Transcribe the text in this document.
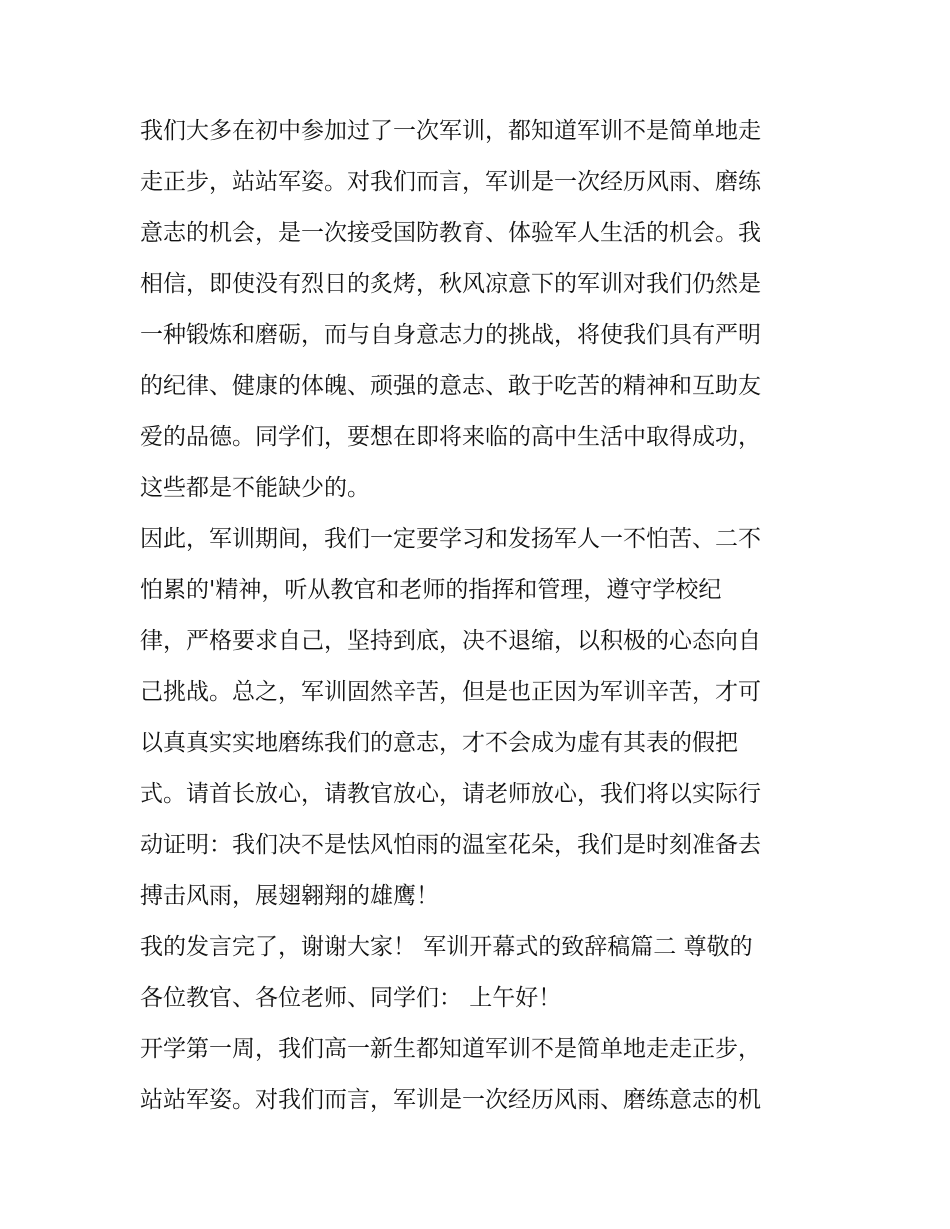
我们大多在初中参加过了一次军训，都知道军训不是简单地走
走正步，站站军姿。对我们而言，军训是一次经历风雨、磨练
意志的机会，是一次接受国防教育、体验军人生活的机会。我
相信，即使没有烈日的炙烤，秋风凉意下的军训对我们仍然是
一种锻炼和磨砺，而与自身意志力的挑战，将使我们具有严明
的纪律、健康的体魄、顽强的意志、敢于吃苦的精神和互助友
爱的品德。同学们，要想在即将来临的高中生活中取得成功，
这些都是不能缺少的。
因此，军训期间，我们一定要学习和发扬军人一不怕苦、二不
怕累的'精神，听从教官和老师的指挥和管理，遵守学校纪
律，严格要求自己，坚持到底，决不退缩，以积极的心态向自
己挑战。总之，军训固然辛苦，但是也正因为军训辛苦，才可
以真真实实地磨练我们的意志，才不会成为虚有其表的假把
式。请首长放心，请教官放心，请老师放心，我们将以实际行
动证明：我们决不是怯风怕雨的温室花朵，我们是时刻准备去
搏击风雨，展翅翱翔的雄鹰！
我的发言完了，谢谢大家！ 军训开幕式的致辞稿篇二 尊敬的
各位教官、各位老师、同学们： 上午好！
开学第一周，我们高一新生都知道军训不是简单地走走正步，
站站军姿。对我们而言，军训是一次经历风雨、磨练意志的机
